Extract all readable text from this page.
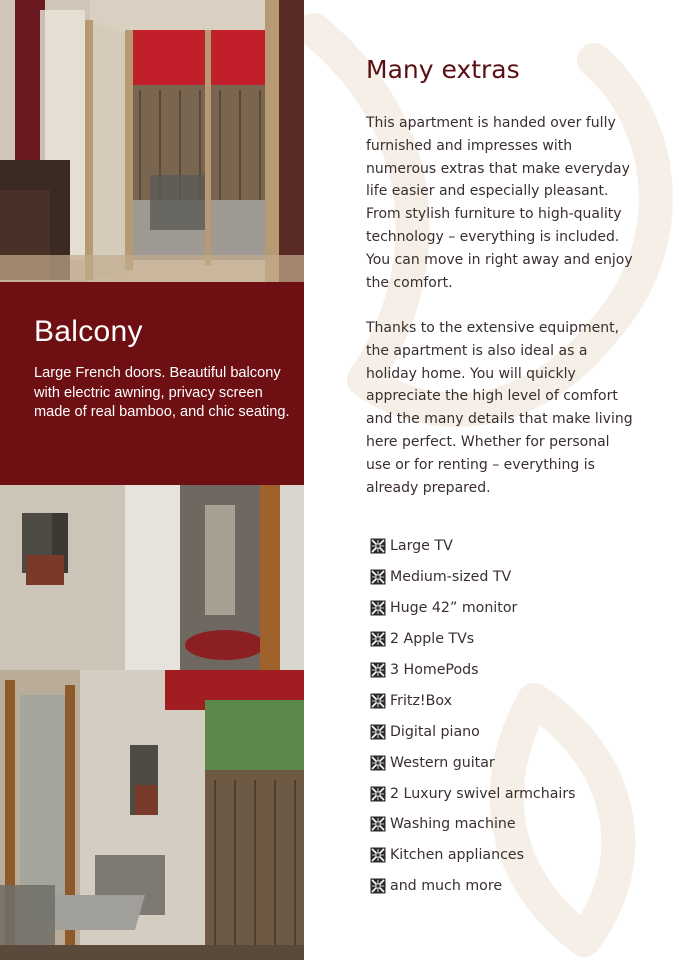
Balcony

Large French doors. Beautiful balcony with electric awning, privacy screen made of real bamboo, and chic seating.

Many extras

This apartment is handed over fully furnished and impresses with numerous extras that make everyday life easier and especially pleasant. From stylish furniture to high-quality technology – everything is included. You can move in right away and enjoy the comfort.

Thanks to the extensive equipment, the apartment is also ideal as a holiday home. You will quickly appreciate the high level of comfort and the many details that make living here perfect. Whether for personal use or for renting – everything is already prepared.

Large TV
Medium-sized TV
Huge 42” monitor
2 Apple TVs
3 HomePods
Fritz!Box
Digital piano
Western guitar
2 Luxury swivel armchairs
Washing machine
Kitchen appliances
and much more
